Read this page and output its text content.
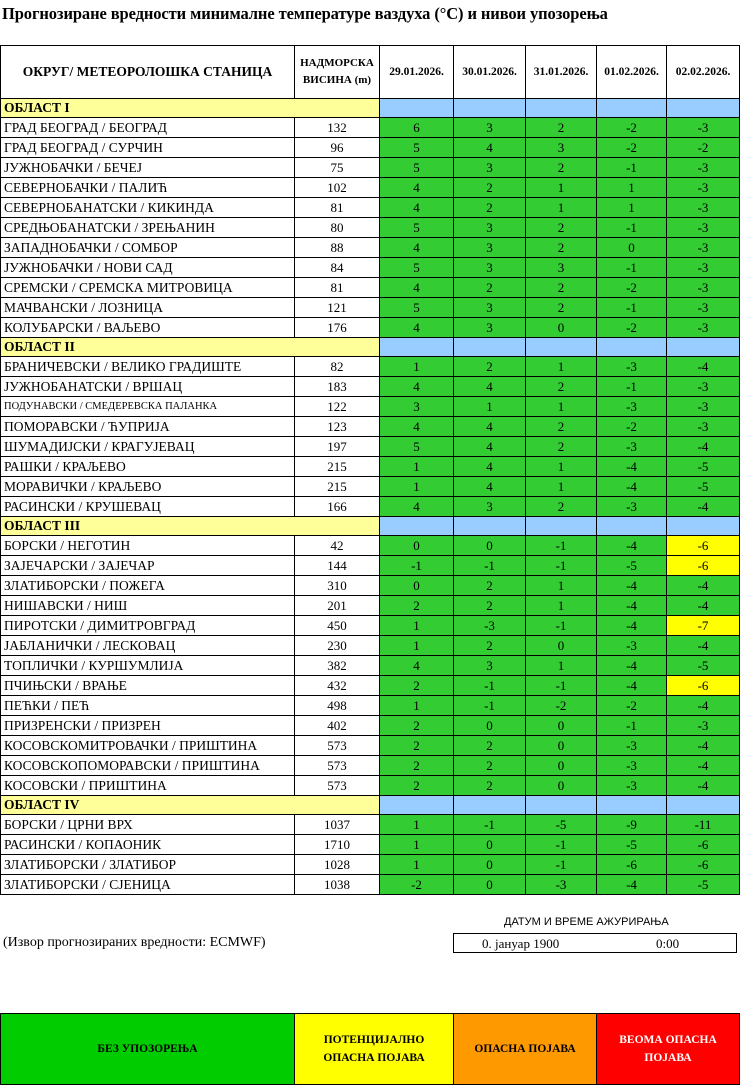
Прогнозиране вредности минималне температуре ваздуха (°C) и нивои упозорења
ОКРУГ/ МЕТЕОРОЛОШКА СТАНИЦА	НАДМОРСКА
ВИСИНА (m)	29.01.2026.	30.01.2026.	31.01.2026.	01.02.2026.	02.02.2026.
ОБЛАСТ I						
ГРАД БЕОГРАД / БЕОГРАД	132	6	3	2	-2	-3
ГРАД БЕОГРАД / СУРЧИН	96	5	4	3	-2	-2
ЈУЖНОБАЧКИ / БЕЧЕЈ	75	5	3	2	-1	-3
СЕВЕРНОБАЧКИ / ПАЛИЋ	102	4	2	1	1	-3
СЕВЕРНОБАНАТСКИ / КИКИНДА	81	4	2	1	1	-3
СРЕДЊОБАНАТСКИ / ЗРЕЊАНИН	80	5	3	2	-1	-3
ЗАПАДНОБАЧКИ / СОМБОР	88	4	3	2	0	-3
ЈУЖНОБАЧКИ / НОВИ САД	84	5	3	3	-1	-3
СРЕМСКИ / СРЕМСКА МИТРОВИЦА	81	4	2	2	-2	-3
МАЧВАНСКИ / ЛОЗНИЦА	121	5	3	2	-1	-3
КОЛУБАРСКИ / ВАЉЕВО	176	4	3	0	-2	-3
ОБЛАСТ II						
БРАНИЧЕВСКИ / ВЕЛИКО ГРАДИШТЕ	82	1	2	1	-3	-4
ЈУЖНОБАНАТСКИ / ВРШАЦ	183	4	4	2	-1	-3
ПОДУНАВСКИ / СМЕДЕРЕВСКА ПАЛАНКА	122	3	1	1	-3	-3
ПОМОРАВСКИ / ЋУПРИЈА	123	4	4	2	-2	-3
ШУМАДИЈСКИ / КРАГУЈЕВАЦ	197	5	4	2	-3	-4
РАШКИ / КРАЉЕВО	215	1	4	1	-4	-5
МОРАВИЧКИ / КРАЉЕВО	215	1	4	1	-4	-5
РАСИНСКИ / КРУШЕВАЦ	166	4	3	2	-3	-4
ОБЛАСТ III						
БОРСКИ / НЕГОТИН	42	0	0	-1	-4	-6
ЗАЈЕЧАРСКИ / ЗАЈЕЧАР	144	-1	-1	-1	-5	-6
ЗЛАТИБОРСКИ / ПОЖЕГА	310	0	2	1	-4	-4
НИШАВСКИ / НИШ	201	2	2	1	-4	-4
ПИРОТСКИ / ДИМИТРОВГРАД	450	1	-3	-1	-4	-7
ЈАБЛАНИЧКИ / ЛЕСКОВАЦ	230	1	2	0	-3	-4
ТОПЛИЧКИ / КУРШУМЛИЈА	382	4	3	1	-4	-5
ПЧИЊСКИ / ВРАЊЕ	432	2	-1	-1	-4	-6
ПЕЋКИ / ПЕЋ	498	1	-1	-2	-2	-4
ПРИЗРЕНСКИ / ПРИЗРЕН	402	2	0	0	-1	-3
КОСОВСКОМИТРОВАЧКИ / ПРИШТИНА	573	2	2	0	-3	-4
КОСОВСКОПОМОРАВСКИ / ПРИШТИНА	573	2	2	0	-3	-4
КОСОВСКИ / ПРИШТИНА	573	2	2	0	-3	-4
ОБЛАСТ IV						
БОРСКИ / ЦРНИ ВРХ	1037	1	-1	-5	-9	-11
РАСИНСКИ / КОПАОНИК	1710	1	0	-1	-5	-6
ЗЛАТИБОРСКИ / ЗЛАТИБОР	1028	1	0	-1	-6	-6
ЗЛАТИБОРСКИ / СЈЕНИЦА	1038	-2	0	-3	-4	-5
ДАТУМ И ВРЕМЕ АЖУРИРАЊА
0. јануар 1900	0:00
(Извор прогнозираних вредности: ECMWF)
БЕЗ УПОЗОРЕЊА	ПОТЕНЦИЈАЛНО
ОПАСНА ПОЈАВА	ОПАСНА ПОЈАВА	ВЕОМА ОПАСНА
ПОЈАВА
